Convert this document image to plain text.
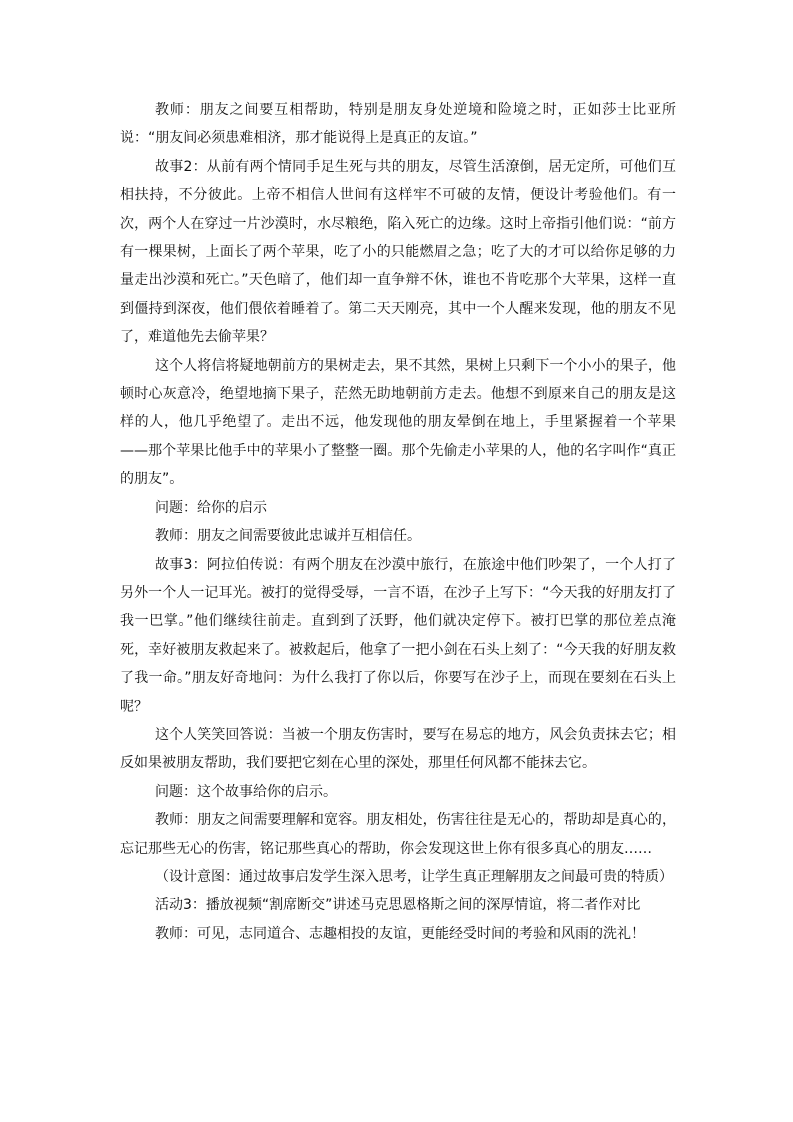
教师：朋友之间要互相帮助，特别是朋友身处逆境和险境之时，正如莎士比亚所说：“朋友间必须患难相济，那才能说得上是真正的友谊。”

故事2：从前有两个情同手足生死与共的朋友，尽管生活潦倒，居无定所，可他们互相扶持，不分彼此。上帝不相信人世间有这样牢不可破的友情，便设计考验他们。有一次，两个人在穿过一片沙漠时，水尽粮绝，陷入死亡的边缘。这时上帝指引他们说：“前方有一棵果树，上面长了两个苹果，吃了小的只能燃眉之急；吃了大的才可以给你足够的力量走出沙漠和死亡。”天色暗了，他们却一直争辩不休，谁也不肯吃那个大苹果，这样一直到僵持到深夜，他们偎依着睡着了。第二天天刚亮，其中一个人醒来发现，他的朋友不见了，难道他先去偷苹果？

这个人将信将疑地朝前方的果树走去，果不其然，果树上只剩下一个小小的果子，他顿时心灰意冷，绝望地摘下果子，茫然无助地朝前方走去。他想不到原来自己的朋友是这样的人，他几乎绝望了。走出不远，他发现他的朋友晕倒在地上，手里紧握着一个苹果——那个苹果比他手中的苹果小了整整一圈。那个先偷走小苹果的人，他的名字叫作“真正的朋友”。

问题：给你的启示

教师：朋友之间需要彼此忠诚并互相信任。

故事3：阿拉伯传说：有两个朋友在沙漠中旅行，在旅途中他们吵架了，一个人打了另外一个人一记耳光。被打的觉得受辱，一言不语，在沙子上写下：“今天我的好朋友打了我一巴掌。”他们继续往前走。直到到了沃野，他们就决定停下。被打巴掌的那位差点淹死，幸好被朋友救起来了。被救起后，他拿了一把小剑在石头上刻了：“今天我的好朋友救了我一命。”朋友好奇地问：为什么我打了你以后，你要写在沙子上，而现在要刻在石头上呢？

这个人笑笑回答说：当被一个朋友伤害时，要写在易忘的地方，风会负责抹去它；相反如果被朋友帮助，我们要把它刻在心里的深处，那里任何风都不能抹去它。

问题：这个故事给你的启示。

教师：朋友之间需要理解和宽容。朋友相处，伤害往往是无心的，帮助却是真心的，忘记那些无心的伤害，铭记那些真心的帮助，你会发现这世上你有很多真心的朋友……

（设计意图：通过故事启发学生深入思考，让学生真正理解朋友之间最可贵的特质）

活动3：播放视频“割席断交”讲述马克思恩格斯之间的深厚情谊，将二者作对比

教师：可见，志同道合、志趣相投的友谊，更能经受时间的考验和风雨的洗礼！
